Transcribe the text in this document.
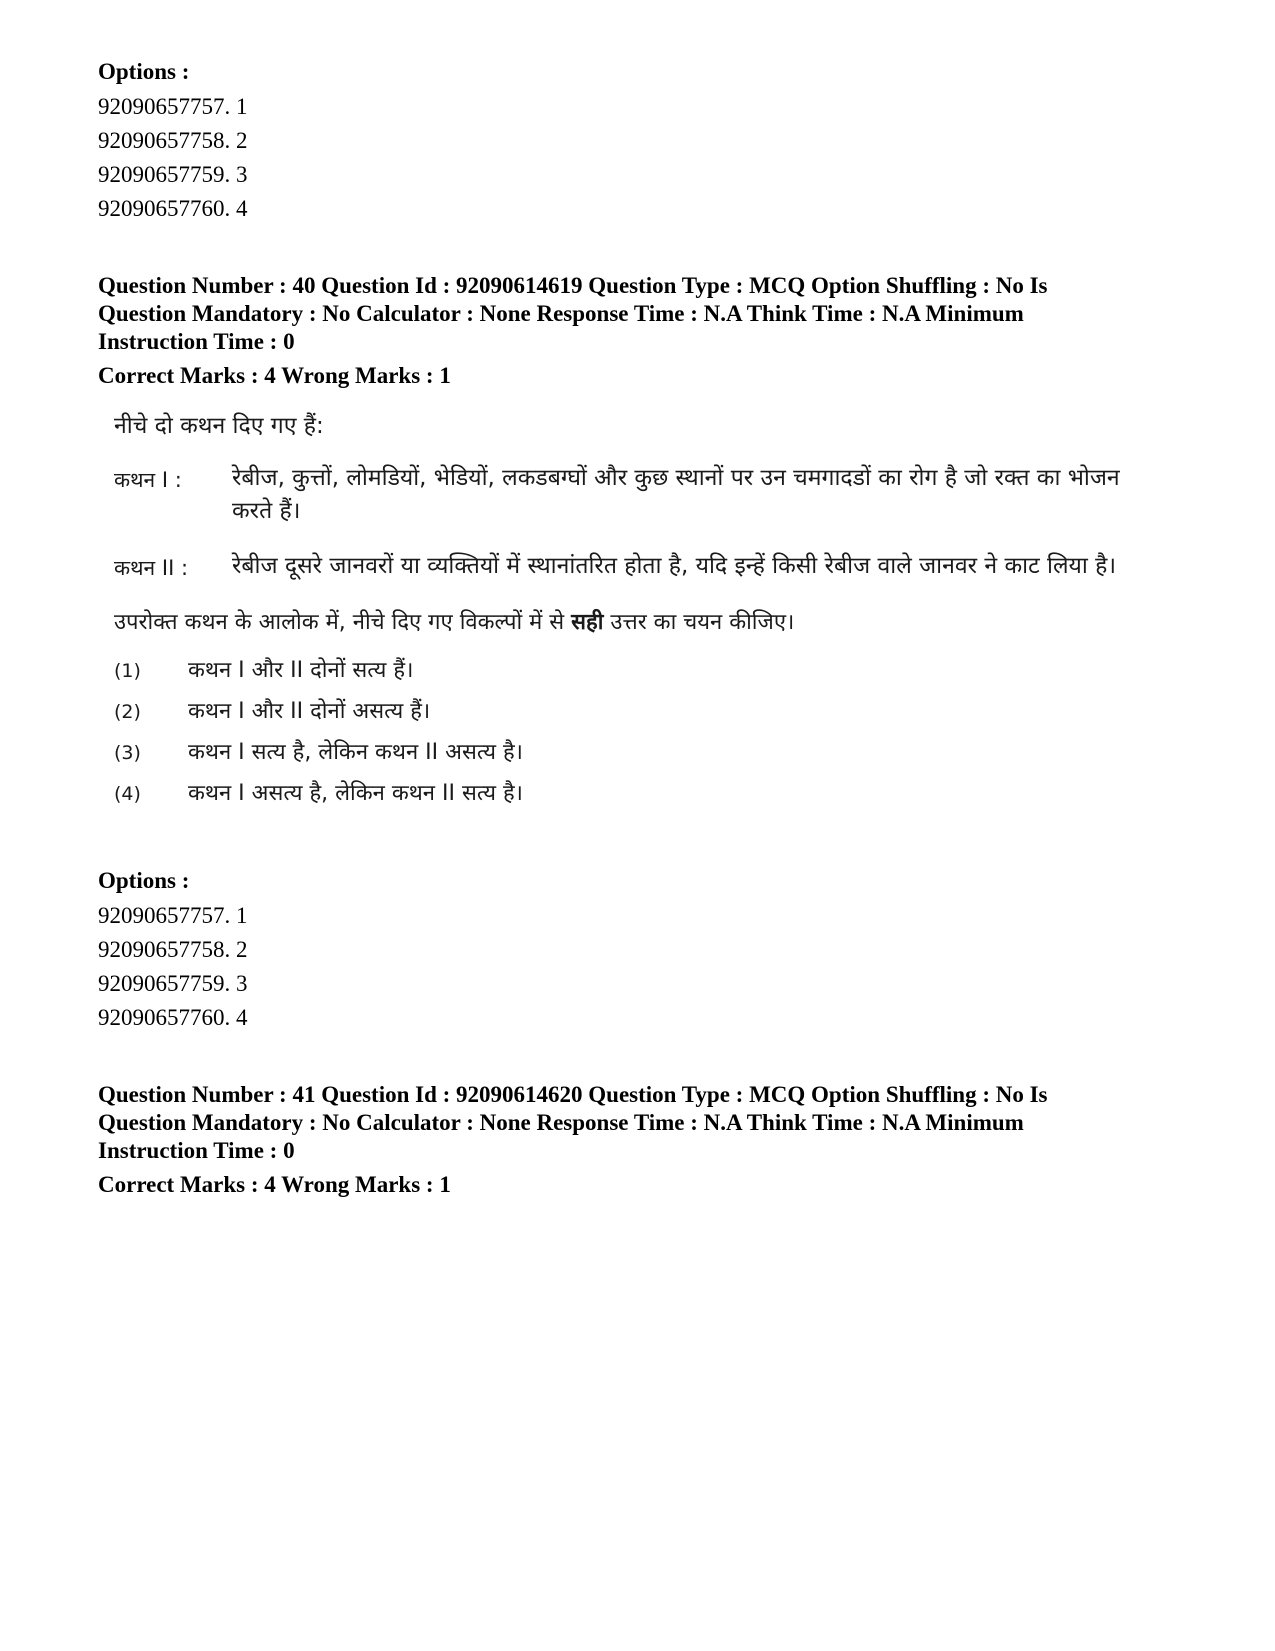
Options :

92090657757. 1

92090657758. 2

92090657759. 3

92090657760. 4

Question Number : 40 Question Id : 92090614619 Question Type : MCQ Option Shuffling : No Is

Question Mandatory : No Calculator : None Response Time : N.A Think Time : N.A Minimum

Instruction Time : 0

Correct Marks : 4 Wrong Marks : 1

नीचे दो कथन दिए गए हैं:

कथन I :	रेबीज, कुत्तों, लोमडियों, भेडियों, लकडबग्घों और कुछ स्थानों पर उन चमगादडों का रोग है जो रक्त का भोजन करते हैं।
कथन II :	रेबीज दूसरे जानवरों या व्यक्तियों में स्थानांतरित होता है, यदि इन्हें किसी रेबीज वाले जानवर ने काट लिया है।

उपरोक्त कथन के आलोक में, नीचे दिए गए विकल्पों में से सही उत्तर का चयन कीजिए।

(1)	कथन I और II दोनों सत्य हैं।
(2)	कथन I और II दोनों असत्य हैं।
(3)	कथन I सत्य है, लेकिन कथन II असत्य है।
(4)	कथन I असत्य है, लेकिन कथन II सत्य है।

Options :

92090657757. 1

92090657758. 2

92090657759. 3

92090657760. 4

Question Number : 41 Question Id : 92090614620 Question Type : MCQ Option Shuffling : No Is

Question Mandatory : No Calculator : None Response Time : N.A Think Time : N.A Minimum

Instruction Time : 0

Correct Marks : 4 Wrong Marks : 1
